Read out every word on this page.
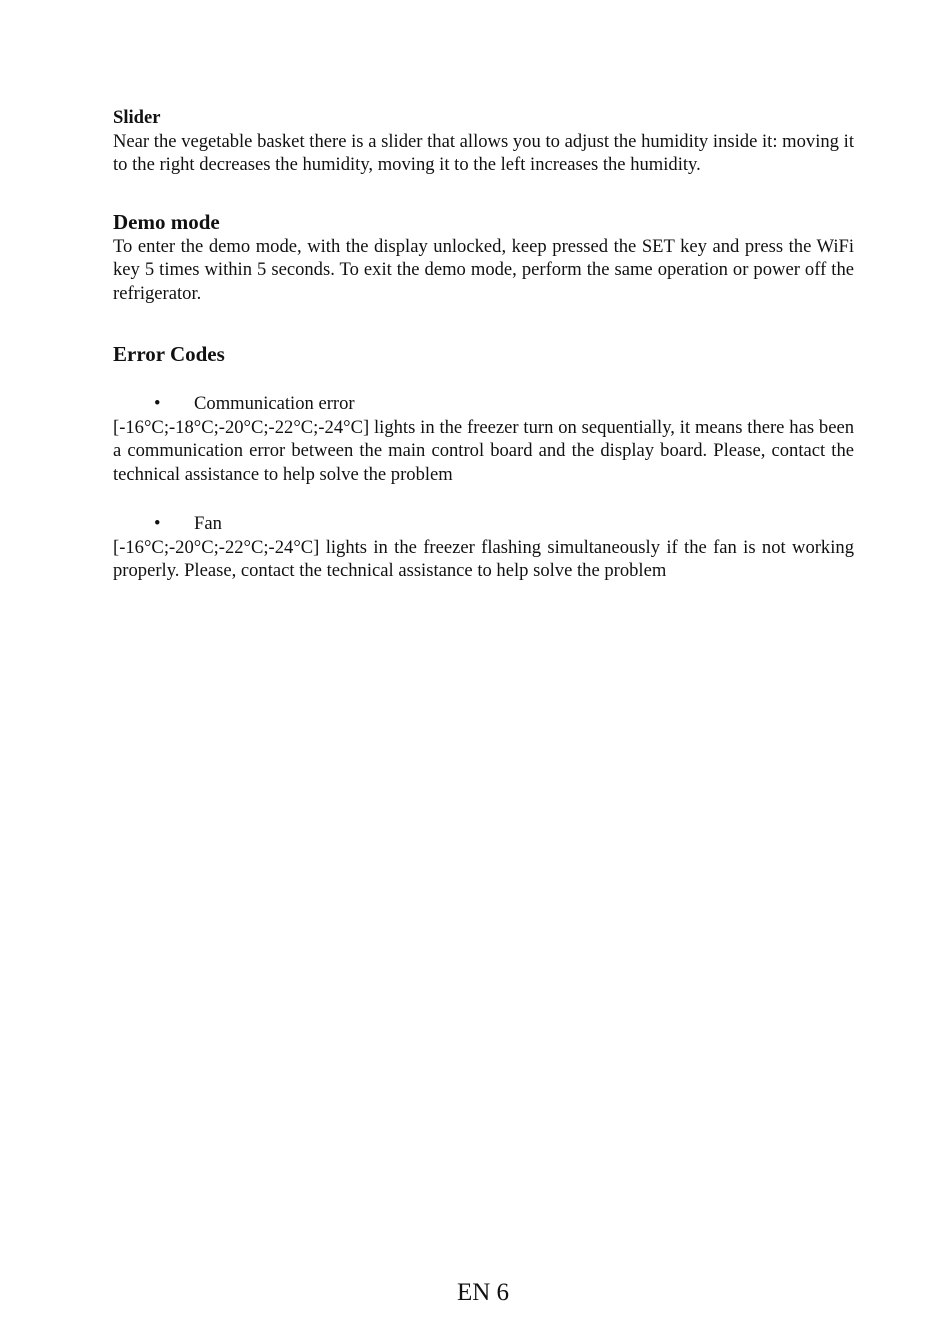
Slider

Near the vegetable basket there is a slider that allows you to adjust the humidity inside it: moving it to the right decreases the humidity, moving it to the left increases the humidity.

Demo mode

To enter the demo mode, with the display unlocked, keep pressed the SET key and press the WiFi key 5 times within 5 seconds. To exit the demo mode, perform the same operation or power off the refrigerator.

Error Codes
•	Communication error

[-16°C;-18°C;-20°C;-22°C;-24°C] lights in the freezer turn on sequentially, it means there has been a communication error between the main control board and the display board. Please, contact the technical assistance to help solve the problem

•	Fan

[-16°C;-20°C;-22°C;-24°C] lights in the freezer flashing simultaneously if the fan is not working properly. Please, contact the technical assistance to help solve the problem

EN 6
